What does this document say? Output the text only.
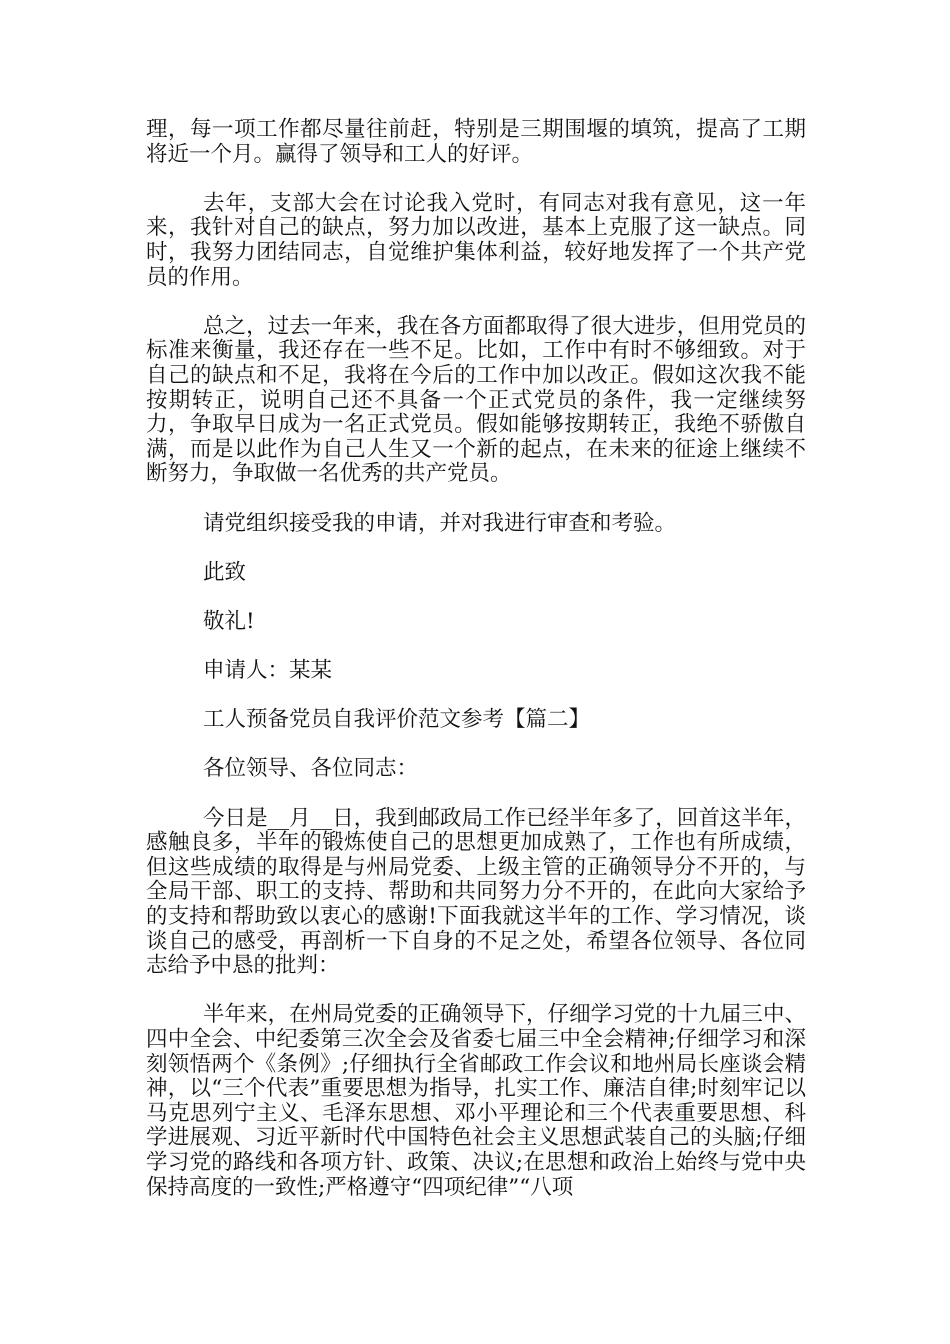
理，每一项工作都尽量往前赶，特别是三期围堰的填筑，提高了工期将近一个月。赢得了领导和工人的好评。

去年，支部大会在讨论我入党时，有同志对我有意见，这一年来，我针对自己的缺点，努力加以改进，基本上克服了这一缺点。同时，我努力团结同志，自觉维护集体利益，较好地发挥了一个共产党员的作用。

总之，过去一年来，我在各方面都取得了很大进步，但用党员的标准来衡量，我还存在一些不足。比如，工作中有时不够细致。对于自己的缺点和不足，我将在今后的工作中加以改正。假如这次我不能按期转正，说明自己还不具备一个正式党员的条件，我一定继续努力，争取早日成为一名正式党员。假如能够按期转正，我绝不骄傲自满，而是以此作为自己人生又一个新的起点，在未来的征途上继续不断努力，争取做一名优秀的共产党员。

请党组织接受我的申请，并对我进行审查和考验。

此致

敬礼!

申请人：某某

工人预备党员自我评价范文参考【篇二】

各位领导、各位同志：

今日是__月__日，我到邮政局工作已经半年多了，回首这半年，感触良多，半年的锻炼使自己的思想更加成熟了，工作也有所成绩，但这些成绩的取得是与州局党委、上级主管的正确领导分不开的，与全局干部、职工的支持、帮助和共同努力分不开的，在此向大家给予的支持和帮助致以衷心的感谢!下面我就这半年的工作、学习情况，谈谈自己的感受，再剖析一下自身的不足之处，希望各位领导、各位同志给予中恳的批判：

半年来，在州局党委的正确领导下，仔细学习党的十九届三中、四中全会、中纪委第三次全会及省委七届三中全会精神;仔细学习和深刻领悟两个《条例》;仔细执行全省邮政工作会议和地州局长座谈会精神，以“三个代表”重要思想为指导，扎实工作、廉洁自律;时刻牢记以马克思列宁主义、毛泽东思想、邓小平理论和三个代表重要思想、科学进展观、习近平新时代中国特色社会主义思想武装自己的头脑;仔细学习党的路线和各项方针、政策、决议;在思想和政治上始终与党中央保持高度的一致性;严格遵守“四项纪律”“八项
